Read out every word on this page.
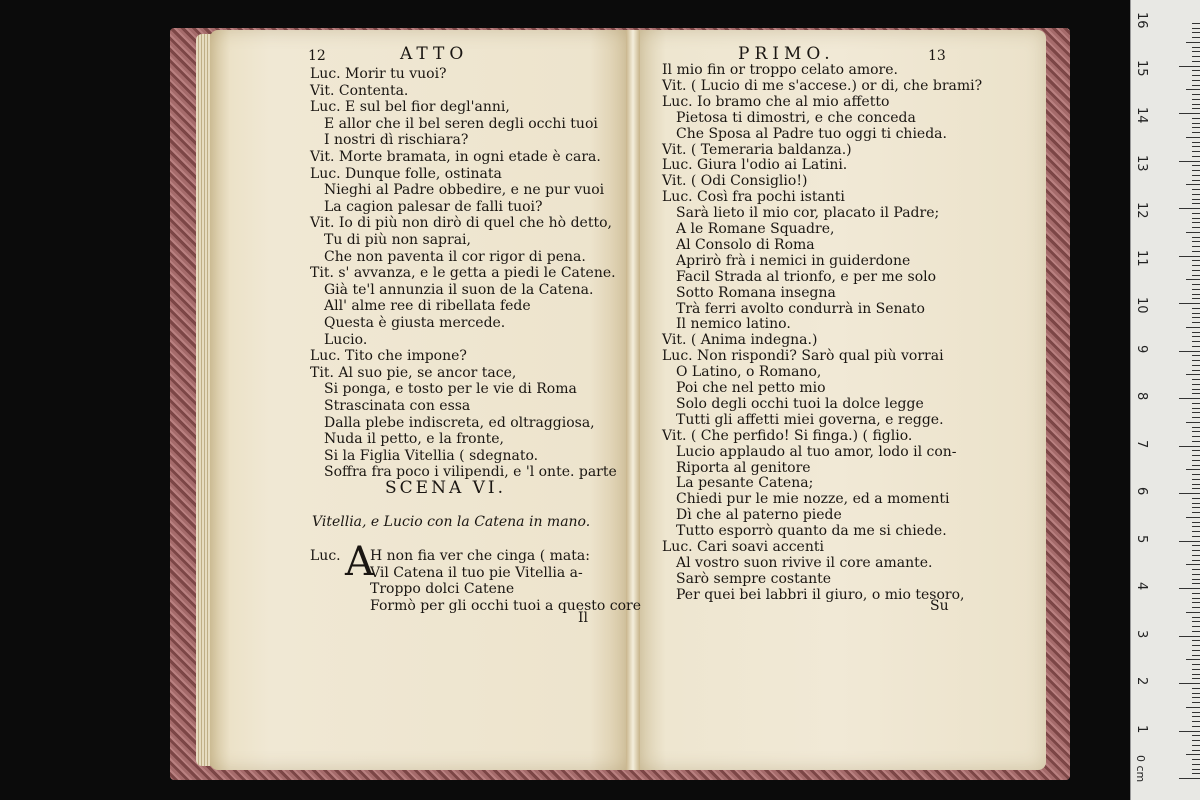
1
2
3
4
5
6
7
8
9
10
11
12
13
14
15
16
0 cm
12	ATTO
Luc. Morir tu vuoi?
Vit. Contenta.
Luc. E sul bel fior degl'anni,
E allor che il bel seren degli occhi tuoi
I nostri dì rischiara?
Vit. Morte bramata, in ogni etade è cara.
Luc. Dunque folle, ostinata
Nieghi al Padre obbedire, e ne pur vuoi
La cagion palesar de falli tuoi?
Vit. Io di più non dirò di quel che hò detto,
Tu di più non saprai,
Che non paventa il cor rigor di pena.
Tit. s' avvanza, e le getta a piedi le Catene.
Già te'l annunzia il suon de la Catena.
All' alme ree di ribellata fede
Questa è giusta mercede.
Lucio.
Luc. Tito che impone?
Tit. Al suo pie, se ancor tace,
Si ponga, e tosto per le vie di Roma
Strascinata con essa
Dalla plebe indiscreta, ed oltraggiosa,
Nuda il petto, e la fronte,
Si la Figlia Vitellia ( sdegnato.
Soffra fra poco i vilipendi, e 'l onte. parte
SCENA VI.
Vitellia, e Lucio con la Catena in mano.
Luc. A
H non fia ver che cinga ( mata:
Vil Catena il tuo pie Vitellia a-
Troppo dolci Catene
Formò per gli occhi tuoi a questo core
Il
PRIMO.	13
Il mio fin or troppo celato amore.
Vit. ( Lucio di me s'accese.) or di, che brami?
Luc. Io bramo che al mio affetto
Pietosa ti dimostri, e che conceda
Che Sposa al Padre tuo oggi ti chieda.
Vit. ( Temeraria baldanza.)
Luc. Giura l'odio ai Latini.
Vit. ( Odi Consiglio!)
Luc. Così fra pochi istanti
Sarà lieto il mio cor, placato il Padre;
A le Romane Squadre,
Al Consolo di Roma
Aprirò frà i nemici in guiderdone
Facil Strada al trionfo, e per me solo
Sotto Romana insegna
Trà ferri avolto condurrà in Senato
Il nemico latino.
Vit. ( Anima indegna.)
Luc. Non rispondi? Sarò qual più vorrai
O Latino, o Romano,
Poi che nel petto mio
Solo degli occhi tuoi la dolce legge
Tutti gli affetti miei governa, e regge.
Vit. ( Che perfido! Si finga.) ( figlio.
Lucio applaudo al tuo amor, lodo il con-
Riporta al genitore
La pesante Catena;
Chiedi pur le mie nozze, ed a momenti
Dì che al paterno piede
Tutto esporrò quanto da me si chiede.
Luc. Cari soavi accenti
Al vostro suon rivive il core amante.
Sarò sempre costante
Per quei bei labbri il giuro, o mio tesoro,
Su
